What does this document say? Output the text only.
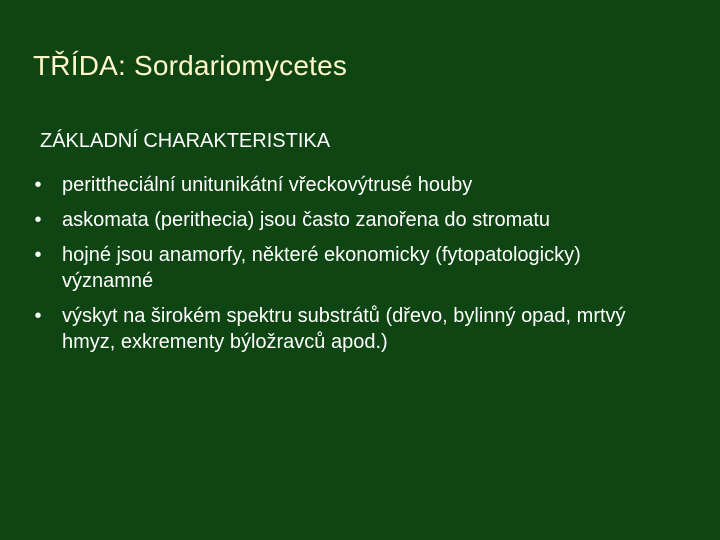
TŘÍDA: Sordariomycetes
ZÁKLADNÍ CHARAKTERISTIKA
• perittheciální unitunikátní vřeckovýtrusé houby
• askomata (perithecia) jsou často zanořena do stromatu
• hojné jsou anamorfy, některé ekonomicky (fytopatologicky) významné
• výskyt na širokém spektru substrátů (dřevo, bylinný opad, mrtvý hmyz, exkrementy býložravců apod.)
